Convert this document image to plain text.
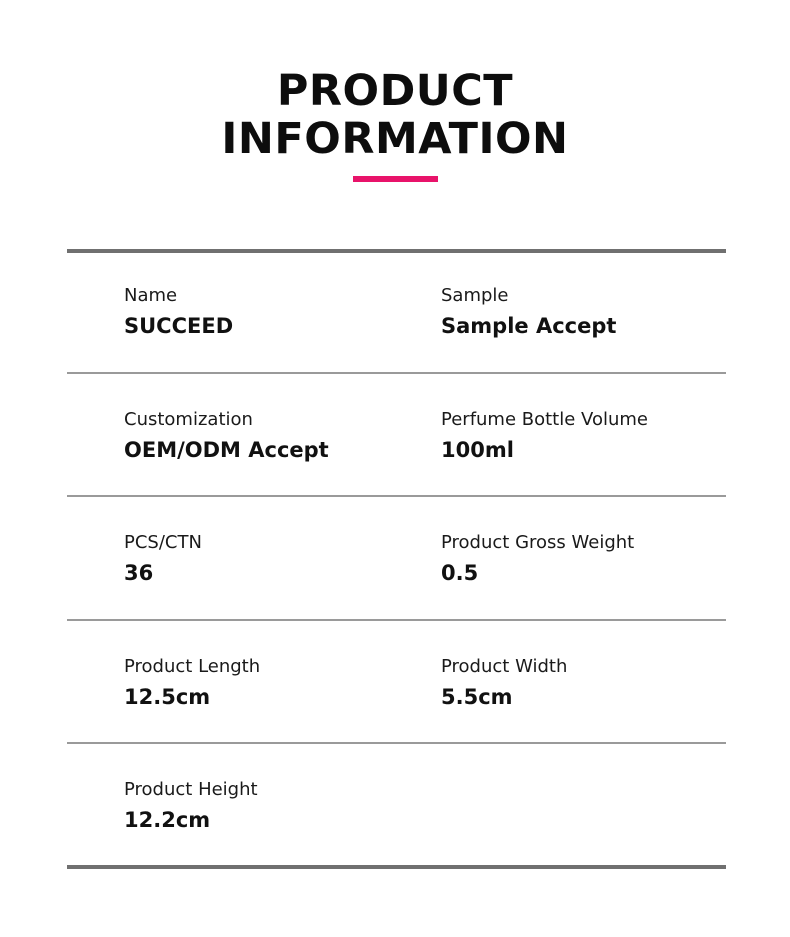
PRODUCT
INFORMATION
Name
SUCCEED
Sample
Sample Accept
Customization
OEM/ODM Accept
Perfume Bottle Volume
100ml
PCS/CTN
36
Product Gross Weight
0.5
Product Length
12.5cm
Product Width
5.5cm
Product Height
12.2cm
